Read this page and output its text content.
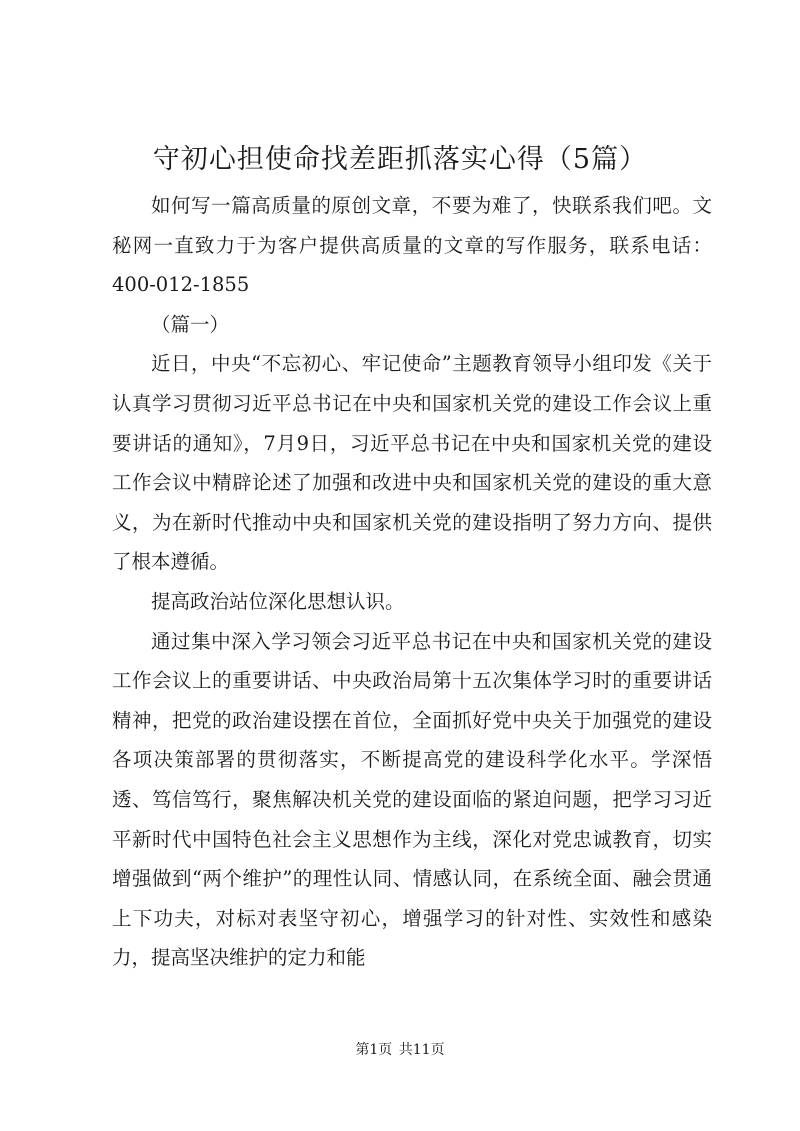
守初心担使命找差距抓落实心得（5篇）

如何写一篇高质量的原创文章，不要为难了，快联系我们吧。文秘网一直致力于为客户提供高质量的文章的写作服务，联系电话：400-012-1855

（篇一）

近日，中央“不忘初心、牢记使命”主题教育领导小组印发《关于认真学习贯彻习近平总书记在中央和国家机关党的建设工作会议上重要讲话的通知》，7月9日，习近平总书记在中央和国家机关党的建设工作会议中精辟论述了加强和改进中央和国家机关党的建设的重大意义，为在新时代推动中央和国家机关党的建设指明了努力方向、提供了根本遵循。

提高政治站位深化思想认识。

通过集中深入学习领会习近平总书记在中央和国家机关党的建设工作会议上的重要讲话、中央政治局第十五次集体学习时的重要讲话精神，把党的政治建设摆在首位，全面抓好党中央关于加强党的建设各项决策部署的贯彻落实，不断提高党的建设科学化水平。学深悟透、笃信笃行，聚焦解决机关党的建设面临的紧迫问题，把学习习近平新时代中国特色社会主义思想作为主线，深化对党忠诚教育，切实增强做到“两个维护”的理性认同、情感认同，在系统全面、融会贯通上下功夫，对标对表坚守初心，增强学习的针对性、实效性和感染力，提高坚决维护的定力和能

第1页 共11页
